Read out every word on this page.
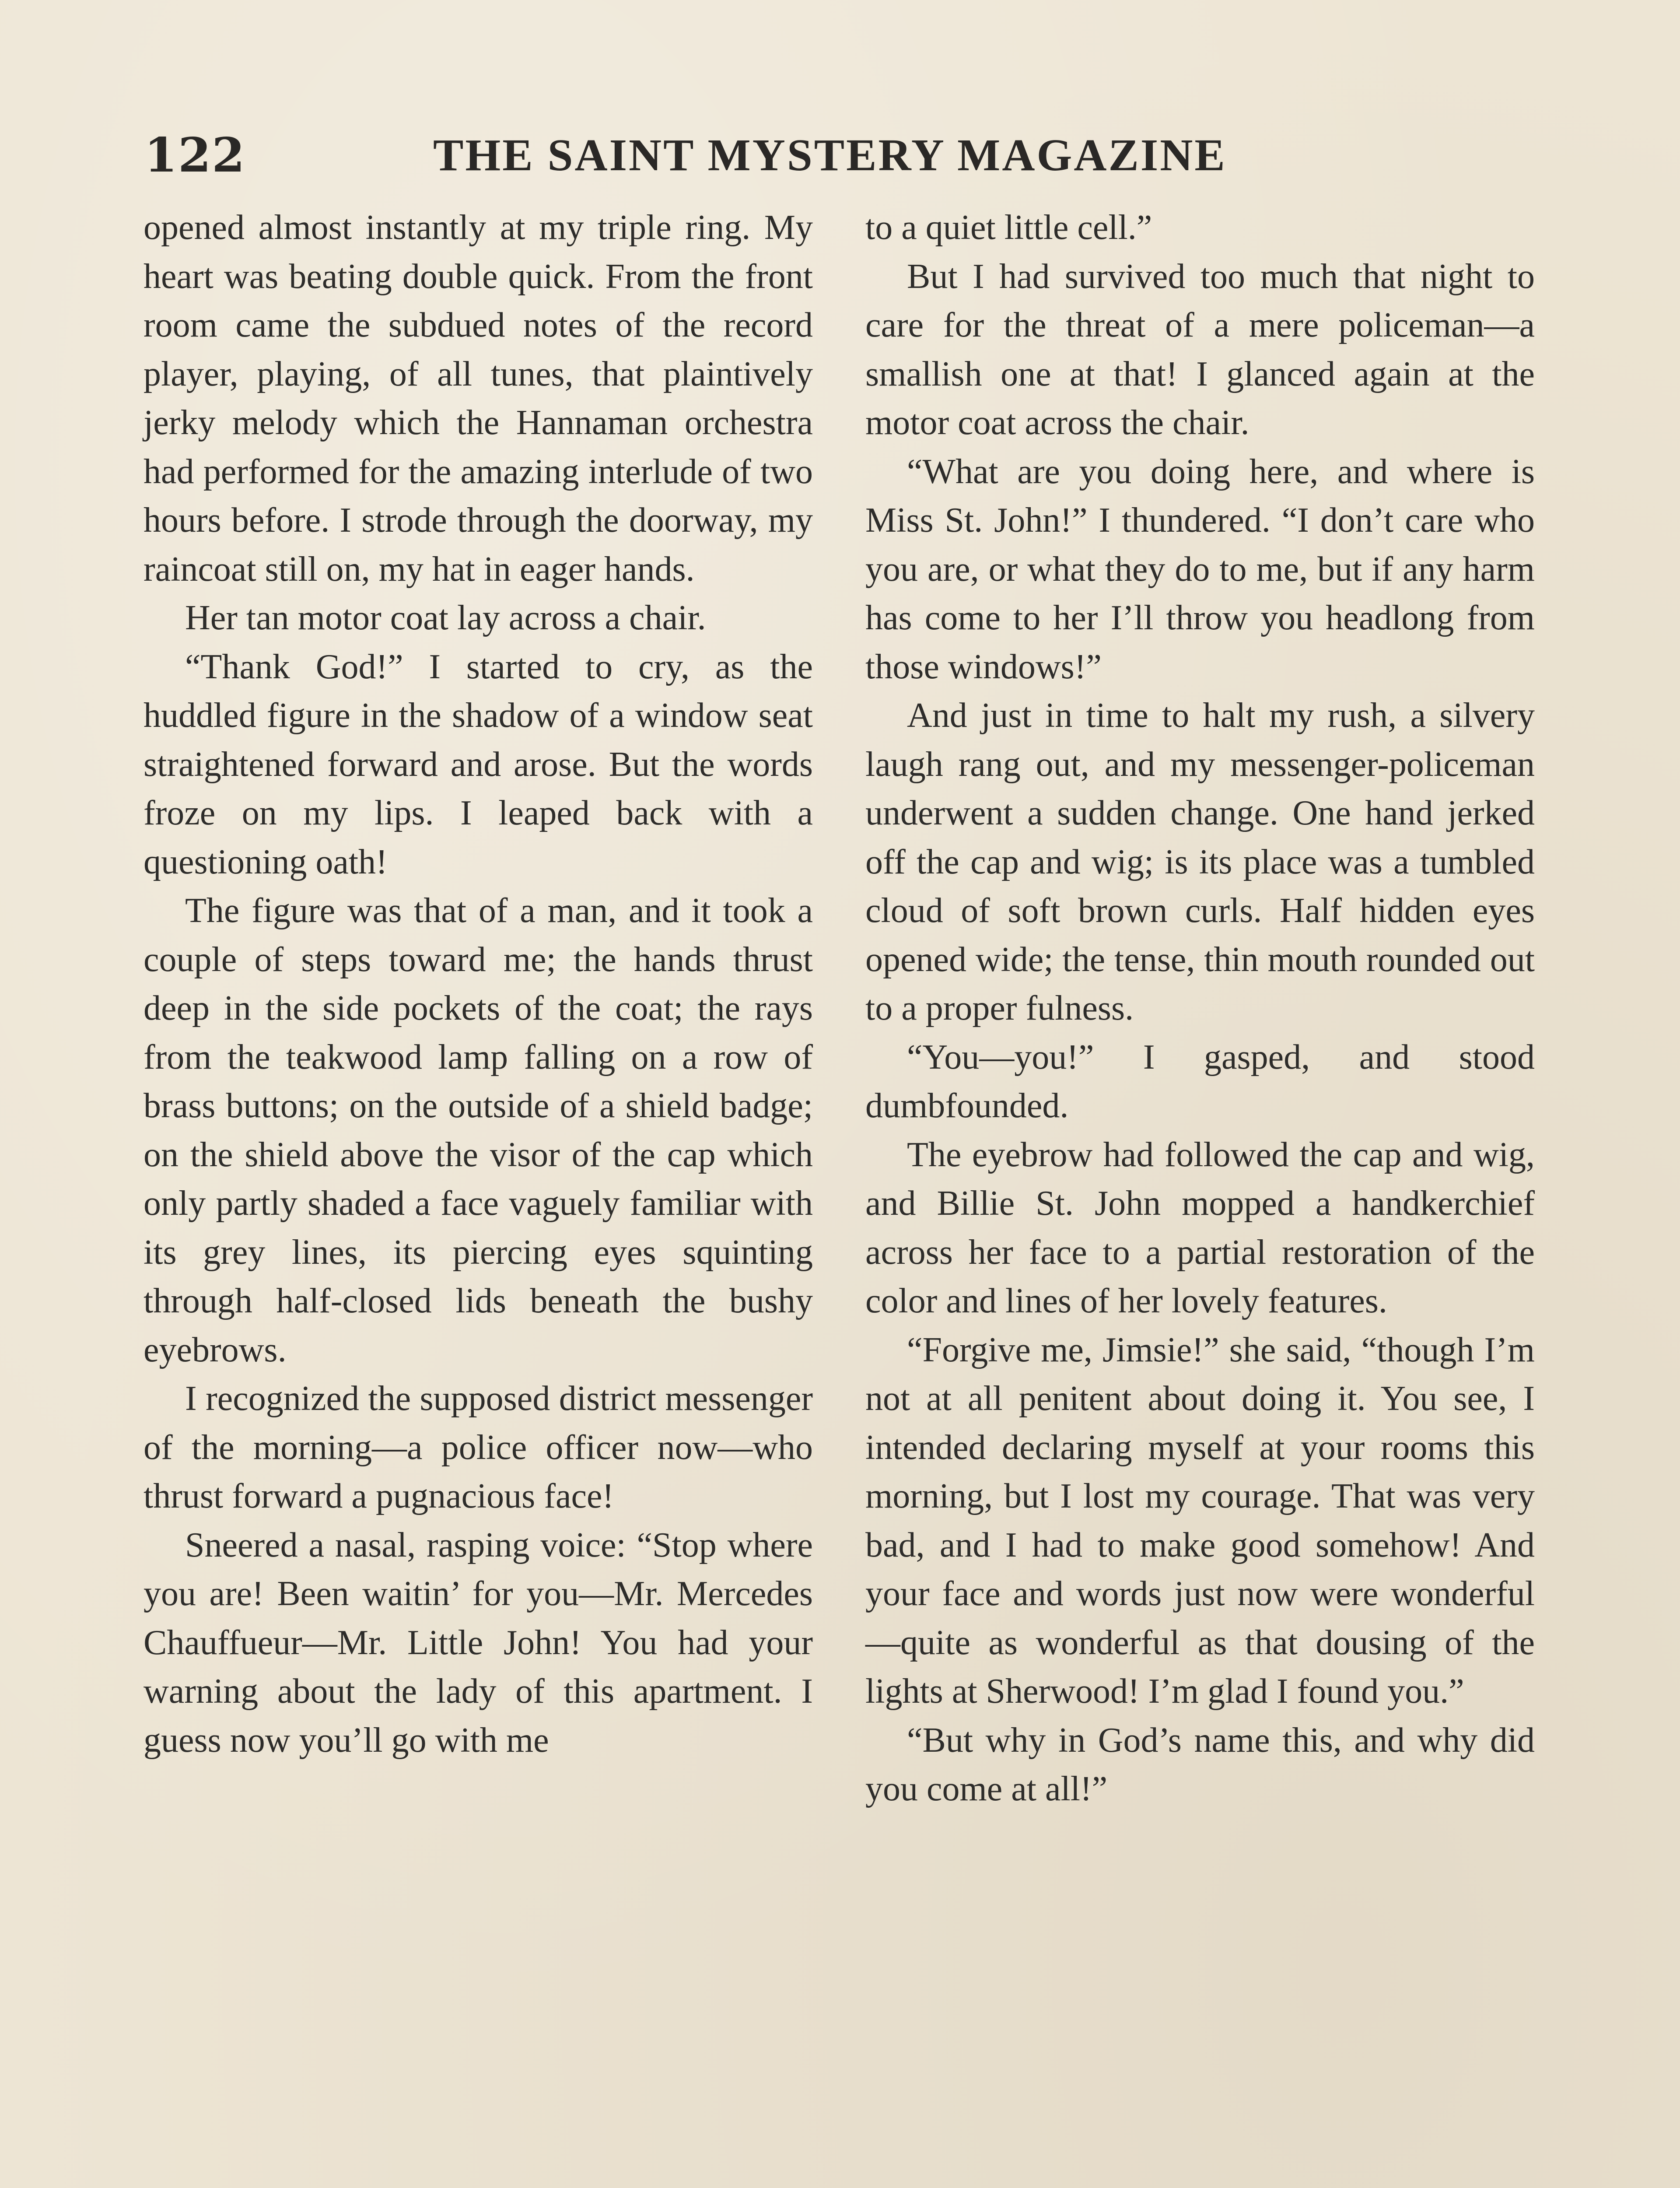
122	THE SAINT MYSTERY MAGAZINE

opened almost instantly at my triple ring. My heart was beating double quick. From the front room came the subdued notes of the record player, playing, of all tunes, that plaintively jerky melody which the Hannaman orchestra had performed for the amazing interlude of two hours before. I strode through the doorway, my raincoat still on, my hat in eager hands.

Her tan motor coat lay across a chair.

“Thank God!” I started to cry, as the huddled figure in the shadow of a window seat straightened forward and arose. But the words froze on my lips. I leaped back with a questioning oath!

The figure was that of a man, and it took a couple of steps toward me; the hands thrust deep in the side pockets of the coat; the rays from the teakwood lamp falling on a row of brass buttons; on the outside of a shield badge; on the shield above the visor of the cap which only partly shaded a face vaguely familiar with its grey lines, its piercing eyes squinting through half-closed lids beneath the bushy eyebrows.

I recognized the supposed district messenger of the morning—a police officer now—who thrust forward a pugnacious face!

Sneered a nasal, rasping voice: “Stop where you are! Been waitin’ for you—Mr. Mercedes Chauffueur—Mr. Little John! You had your warning about the lady of this apartment. I guess now you’ll go with me

to a quiet little cell.”

But I had survived too much that night to care for the threat of a mere policeman—a smallish one at that! I glanced again at the motor coat across the chair.

“What are you doing here, and where is Miss St. John!” I thundered. “I don’t care who you are, or what they do to me, but if any harm has come to her I’ll throw you headlong from those windows!”

And just in time to halt my rush, a silvery laugh rang out, and my messenger-policeman underwent a sudden change. One hand jerked off the cap and wig; is its place was a tumbled cloud of soft brown curls. Half hidden eyes opened wide; the tense, thin mouth rounded out to a proper fulness.

“You—you!” I gasped, and stood dumbfounded.

The eyebrow had followed the cap and wig, and Billie St. John mopped a handkerchief across her face to a partial restoration of the color and lines of her lovely features.

“Forgive me, Jimsie!” she said, “though I’m not at all penitent about doing it. You see, I intended declaring myself at your rooms this morning, but I lost my courage. That was very bad, and I had to make good somehow! And your face and words just now were wonderful—quite as wonderful as that dousing of the lights at Sherwood! I’m glad I found you.”

“But why in God’s name this, and why did you come at all!”
